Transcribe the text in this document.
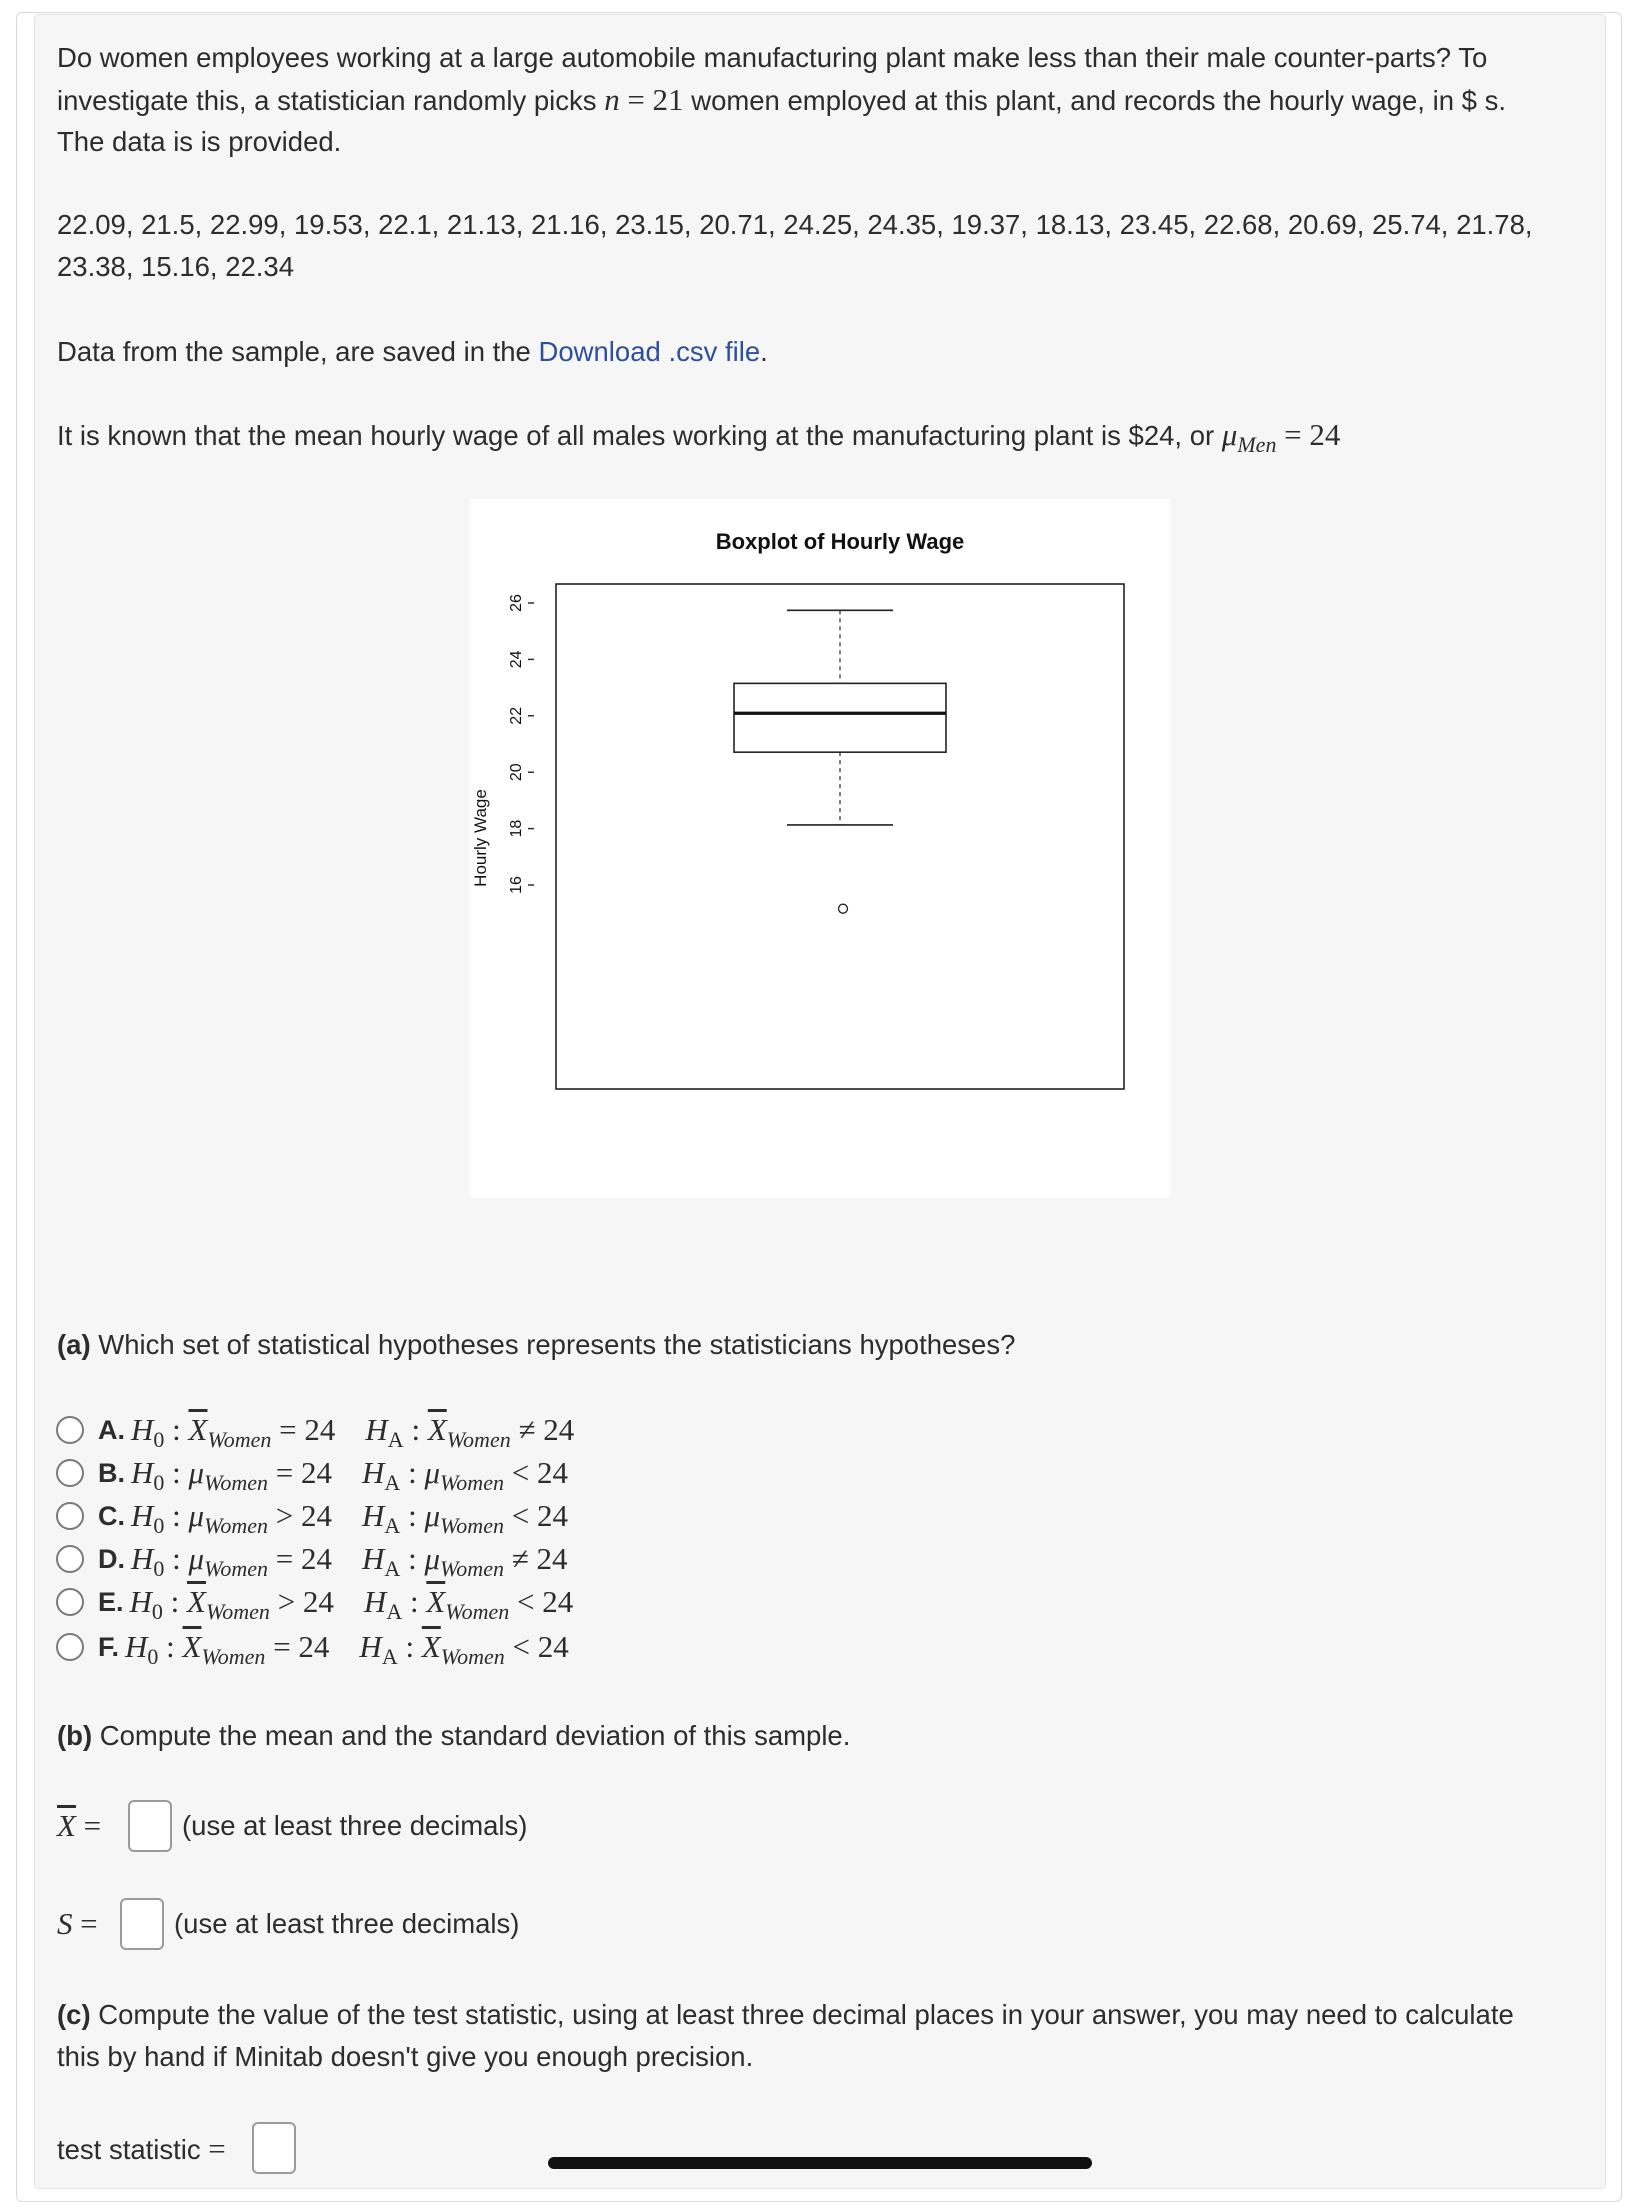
Do women employees working at a large automobile manufacturing plant make less than their male counter-parts? To
investigate this, a statistician randomly picks n = 21 women employed at this plant, and records the hourly wage, in $ s.
The data is is provided.
22.09, 21.5, 22.99, 19.53, 22.1, 21.13, 21.16, 23.15, 20.71, 24.25, 24.35, 19.37, 18.13, 23.45, 22.68, 20.69, 25.74, 21.78,
23.38, 15.16, 22.34
Data from the sample, are saved in the Download .csv file.
It is known that the mean hourly wage of all males working at the manufacturing plant is $24, or $\mu_{Men} = 24$
Boxplot of Hourly Wage
Hourly Wage 16
18
20
22
24
26
(a) Which set of statistical hypotheses represents the statisticians hypotheses?
A. $H_0$ : $\overline{X}_{Women} = 24$ $H_A$ : $\overline{X}_{Women} \ne 24$
B. $H_0$ : $\mu_{Women} = 24$ $H_A$ : $\mu_{Women} < 24$
C. $H_0$ : $\mu_{Women} > 24$ $H_A$ : $\mu_{Women} < 24$
D. $H_0$ : $\mu_{Women} = 24$ $H_A$ : $\mu_{Women} \ne 24$
E. $H_0$ : $\overline{X}_{Women} > 24$ $H_A$ : $\overline{X}_{Women} < 24$
F. $H_0$ : $\overline{X}_{Women} = 24$ $H_A$ : $\overline{X}_{Women} < 24$
(b) Compute the mean and the standard deviation of this sample.
$\overline{X}$ =	(use at least three decimals)
S =	(use at least three decimals)
(c) Compute the value of the test statistic, using at least three decimal places in your answer, you may need to calculate
this by hand if Minitab doesn't give you enough precision.
test statistic =
